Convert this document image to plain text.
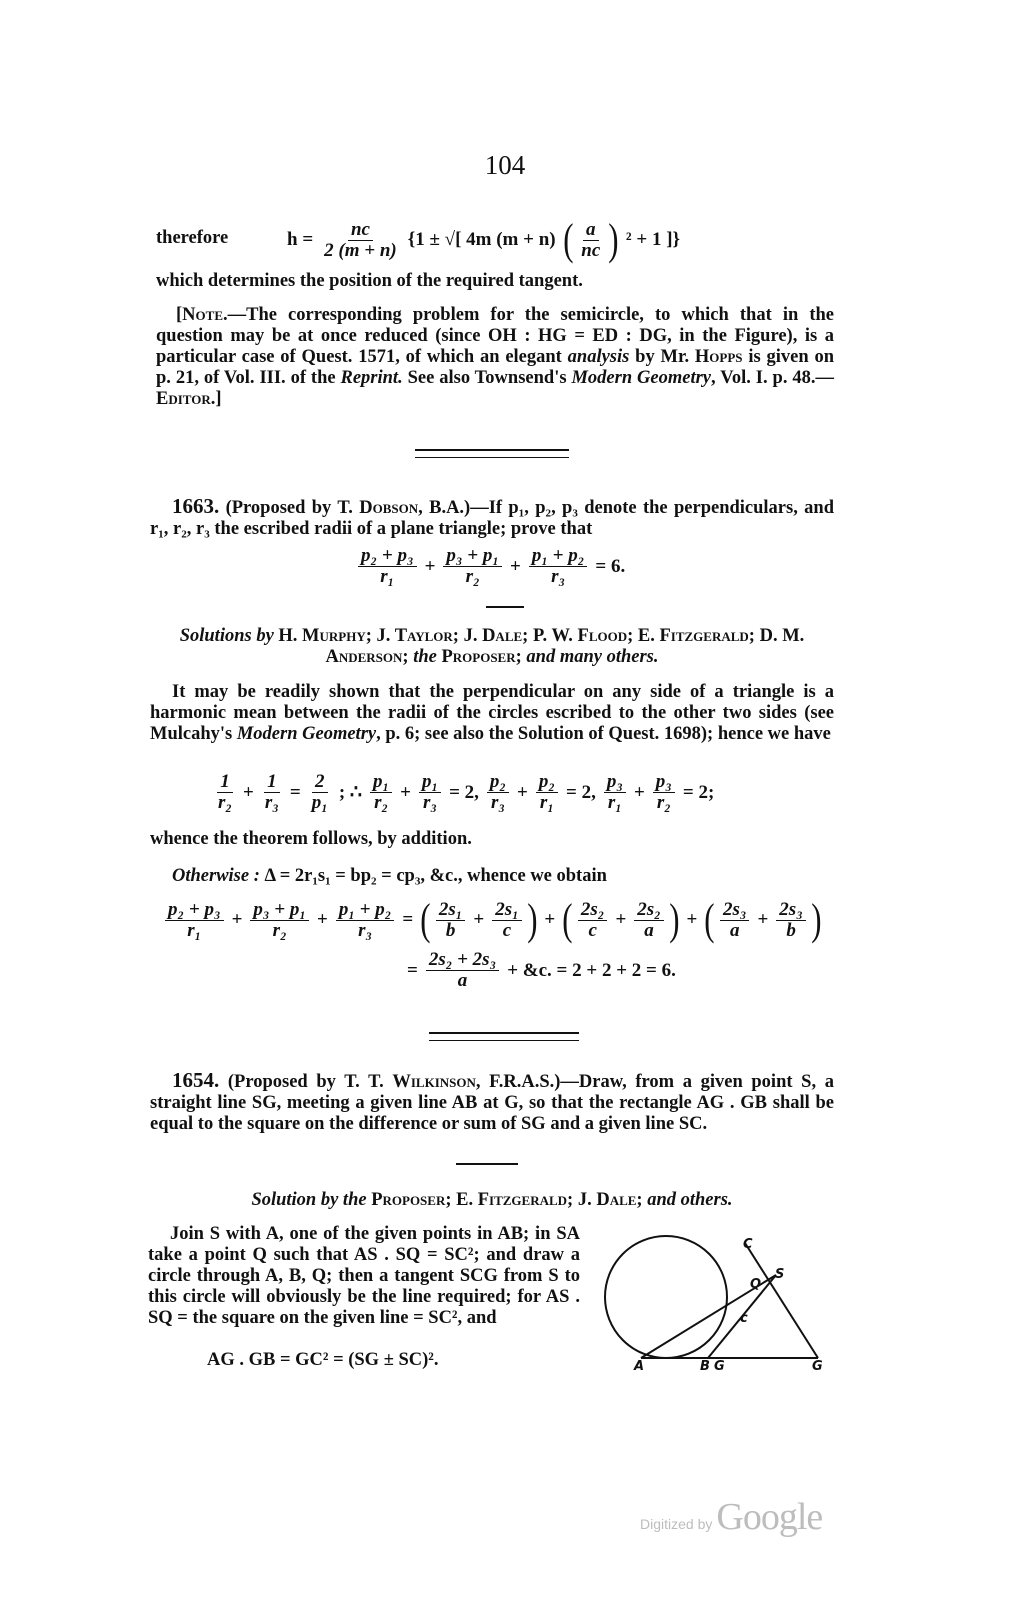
104
therefore	$h = \frac{nc}{2 (m + n)} \{1$ ± √[ 4m (m + n) ( $\frac{a}{nc}$ ) ² + 1 ]}
which determines the position of the required tangent.
[Note.—The corresponding problem for the semicircle, to which that in the question may be at once reduced (since OH : HG = ED : DG, in the Figure), is a particular case of Quest. 1571, of which an elegant analysis by Mr. Hopps is given on p. 21, of Vol. III. of the Reprint. See also Townsend's Modern Geometry, Vol. I. p. 48.—Editor.]
1663. (Proposed by T. Dobson, B.A.)—If p₁, p₂, p₃ denote the perpendiculars, and r₁, r₂, r₃ the escribed radii of a plane triangle; prove that
$\frac{\text{p₂ + p₃}}{\text{r₁}} + \frac{\text{p₃ + p₁}}{\text{r₂}} + \frac{\text{p₁ + p₂}}{\text{r₃}} = 6$.
Solutions by H. Murphy; J. Taylor; J. Dale; P. W. Flood; E. Fitzgerald; D. M. Anderson; the Proposer; and many others.
It may be readily shown that the perpendicular on any side of a triangle is a harmonic mean between the radii of the circles escribed to the other two sides (see Mulcahy's Modern Geometry, p. 6; see also the Solution of Quest. 1698); hence we have
$\frac{1}{\text{r₂}} + \frac{1}{\text{r₃}} = \frac{2}{\text{p₁}}$ ; ∴ $\frac{\text{p₁}}{\text{r₂}} + \frac{\text{p₁}}{\text{r₃}} = 2$, $\frac{\text{p₂}}{\text{r₃}} + \frac{\text{p₂}}{\text{r₁}} = 2$, $\frac{\text{p₃}}{\text{r₁}} + \frac{\text{p₃}}{\text{r₂}} = 2$;
whence the theorem follows, by addition.
Otherwise : Δ = 2r₁s₁ = bp₂ = cp₃, &c., whence we obtain
$\frac{\text{p₂ + p₃}}{\text{r₁}} + \frac{\text{p₃ + p₁}}{\text{r₂}} + \frac{\text{p₁ + p₂}}{\text{r₃}}$ = ( $\frac{\text{2s₁}}{b} + \frac{\text{2s₁}}{c}$ ) + ( $\frac{\text{2s₂}}{c} + \frac{\text{2s₂}}{a}$ ) + ( $\frac{\text{2s₃}}{a} + \frac{\text{2s₃}}{b}$ )
= $\frac{\text{2s₂ + 2s₃}}{a}$ + &c. = 2 + 2 + 2 = 6.
1654. (Proposed by T. T. Wilkinson, F.R.A.S.)—Draw, from a given point S, a straight line SG, meeting a given line AB at G, so that the rectangle AG . GB shall be equal to the square on the difference or sum of SG and a given line SC.
Solution by the Proposer; E. Fitzgerald; J. Dale; and others.
Join S with A, one of the given points in AB; in SA take a point Q such that AS . SQ = SC²; and draw a circle through A, B, Q; then a tangent SCG from S to this circle will obviously be the line required; for AS . SQ = the square on the given line = SC², and
AG . GB = GC² = (SG ± SC)².	A	B G	G
C
S
Q
c
Digitized by Google
